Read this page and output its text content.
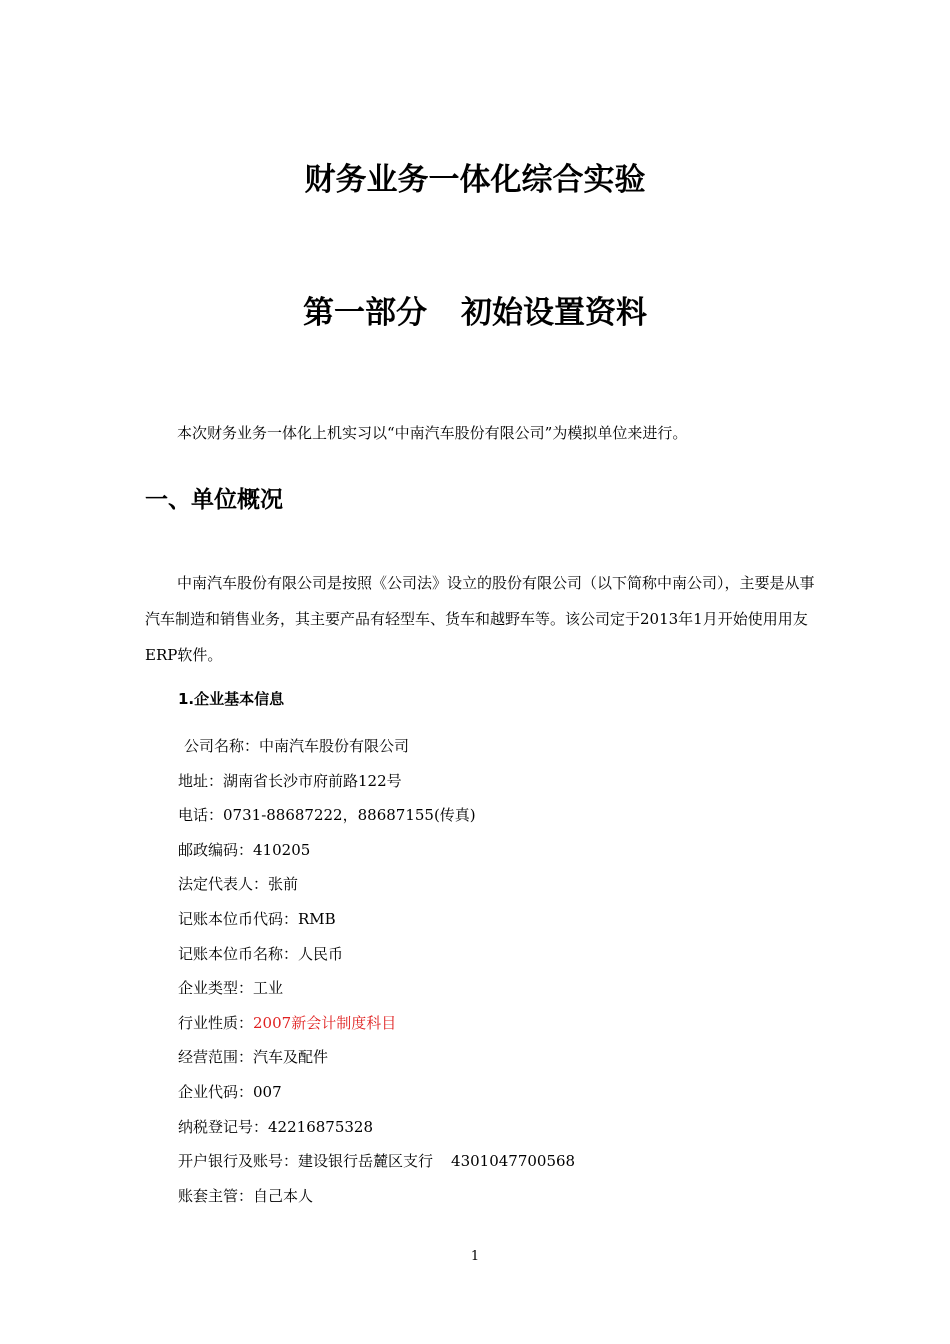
财务业务一体化综合实验
第一部分 初始设置资料

本次财务业务一体化上机实习以“中南汽车股份有限公司”为模拟单位来进行。

一、单位概况

中南汽车股份有限公司是按照《公司法》设立的股份有限公司（以下简称中南公司），主要是从事汽车制造和销售业务，其主要产品有轻型车、货车和越野车等。该公司定于2013年1月开始使用用友ERP软件。

1.企业基本信息
公司名称：中南汽车股份有限公司
地址：湖南省长沙市府前路122号
电话：0731-88687222，88687155(传真)
邮政编码：410205
法定代表人：张前
记账本位币代码：RMB
记账本位币名称：人民币
企业类型：工业
行业性质：2007新会计制度科目
经营范围：汽车及配件
企业代码：007
纳税登记号：42216875328
开户银行及账号：建设银行岳麓区支行 4301047700568
账套主管：自己本人
1
